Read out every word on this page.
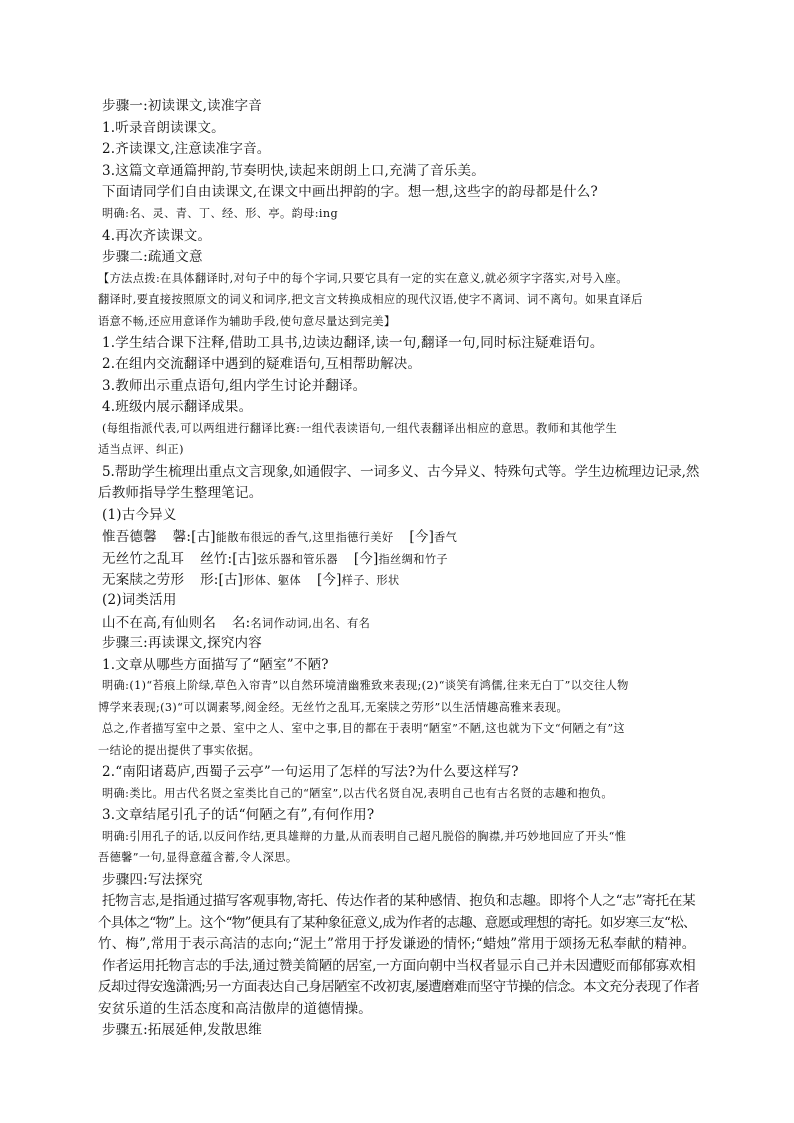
步骤一:初读课文,读准字音
1.听录音朗读课文。
2.齐读课文,注意读准字音。
3.这篇文章通篇押韵,节奏明快,读起来朗朗上口,充满了音乐美。
下面请同学们自由读课文,在课文中画出押韵的字。想一想,这些字的韵母都是什么?
明确:名、灵、青、丁、经、形、亭。韵母:ing
4.再次齐读课文。
步骤二:疏通文意
【方法点拨:在具体翻译时,对句子中的每个字词,只要它具有一定的实在意义,就必须字字落实,对号入座。
翻译时,要直接按照原文的词义和词序,把文言文转换成相应的现代汉语,使字不离词、词不离句。如果直译后
语意不畅,还应用意译作为辅助手段,使句意尽量达到完美】
1.学生结合课下注释,借助工具书,边读边翻译,读一句,翻译一句,同时标注疑难语句。
2.在组内交流翻译中遇到的疑难语句,互相帮助解决。
3.教师出示重点语句,组内学生讨论并翻译。
4.班级内展示翻译成果。
(每组指派代表,可以两组进行翻译比赛:一组代表读语句,一组代表翻译出相应的意思。教师和其他学生
适当点评、纠正)
5.帮助学生梳理出重点文言现象,如通假字、一词多义、古今异义、特殊句式等。学生边梳理边记录,然
后教师指导学生整理笔记。
(1)古今异义
惟吾德馨 馨:[古]能散布很远的香气,这里指德行美好 [今]香气
无丝竹之乱耳 丝竹:[古]弦乐器和管乐器 [今]指丝绸和竹子
无案牍之劳形 形:[古]形体、躯体 [今]样子、形状
(2)词类活用
山不在高,有仙则名 名:名词作动词,出名、有名
步骤三:再读课文,探究内容
1.文章从哪些方面描写了“陋室”不陋?
明确:(1)“苔痕上阶绿,草色入帘青”以自然环境清幽雅致来表现;(2)“谈笑有鸿儒,往来无白丁”以交往人物
博学来表现;(3)“可以调素琴,阅金经。无丝竹之乱耳,无案牍之劳形”以生活情趣高雅来表现。
总之,作者描写室中之景、室中之人、室中之事,目的都在于表明“陋室”不陋,这也就为下文“何陋之有”这
一结论的提出提供了事实依据。
2.“南阳诸葛庐,西蜀子云亭”一句运用了怎样的写法?为什么要这样写?
明确:类比。用古代名贤之室类比自己的“陋室”,以古代名贤自况,表明自己也有古名贤的志趣和抱负。
3.文章结尾引孔子的话“何陋之有”,有何作用?
明确:引用孔子的话,以反问作结,更具雄辩的力量,从而表明自己超凡脱俗的胸襟,并巧妙地回应了开头“惟
吾德馨”一句,显得意蕴含蓄,令人深思。
步骤四:写法探究
托物言志,是指通过描写客观事物,寄托、传达作者的某种感情、抱负和志趣。即将个人之“志”寄托在某
个具体之“物”上。这个“物”便具有了某种象征意义,成为作者的志趣、意愿或理想的寄托。如岁寒三友“松、
竹、梅”,常用于表示高洁的志向;“泥土”常用于抒发谦逊的情怀;“蜡烛”常用于颂扬无私奉献的精神。
作者运用托物言志的手法,通过赞美简陋的居室,一方面向朝中当权者显示自己并未因遭贬而郁郁寡欢相
反却过得安逸潇洒;另一方面表达自己身居陋室不改初衷,屡遭磨难而坚守节操的信念。本文充分表现了作者
安贫乐道的生活态度和高洁傲岸的道德情操。
步骤五:拓展延伸,发散思维
